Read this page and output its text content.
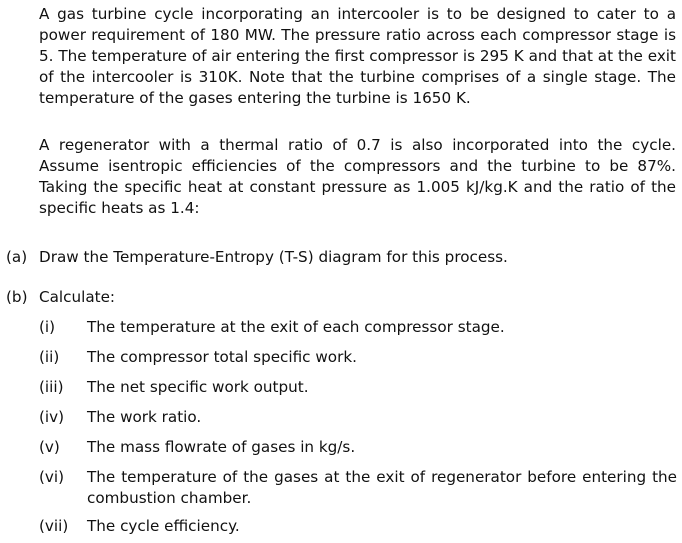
A gas turbine cycle incorporating an intercooler is to be designed to cater to a power requirement of 180 MW. The pressure ratio across each compressor stage is 5. The temperature of air entering the first compressor is 295 K and that at the exit of the intercooler is 310K. Note that the turbine comprises of a single stage. The temperature of the gases entering the turbine is 1650 K.

A regenerator with a thermal ratio of 0.7 is also incorporated into the cycle. Assume isentropic efficiencies of the compressors and the turbine to be 87%. Taking the specific heat at constant pressure as 1.005 kJ/kg.K and the ratio of the specific heats as 1.4:

(a) Draw the Temperature-Entropy (T-S) diagram for this process.
(b) Calculate:
(i) The temperature at the exit of each compressor stage.
(ii) The compressor total specific work.
(iii) The net specific work output.
(iv) The work ratio.
(v) The mass flowrate of gases in kg/s.
(vi) The temperature of the gases at the exit of regenerator before entering the combustion chamber.
(vii) The cycle efficiency.
